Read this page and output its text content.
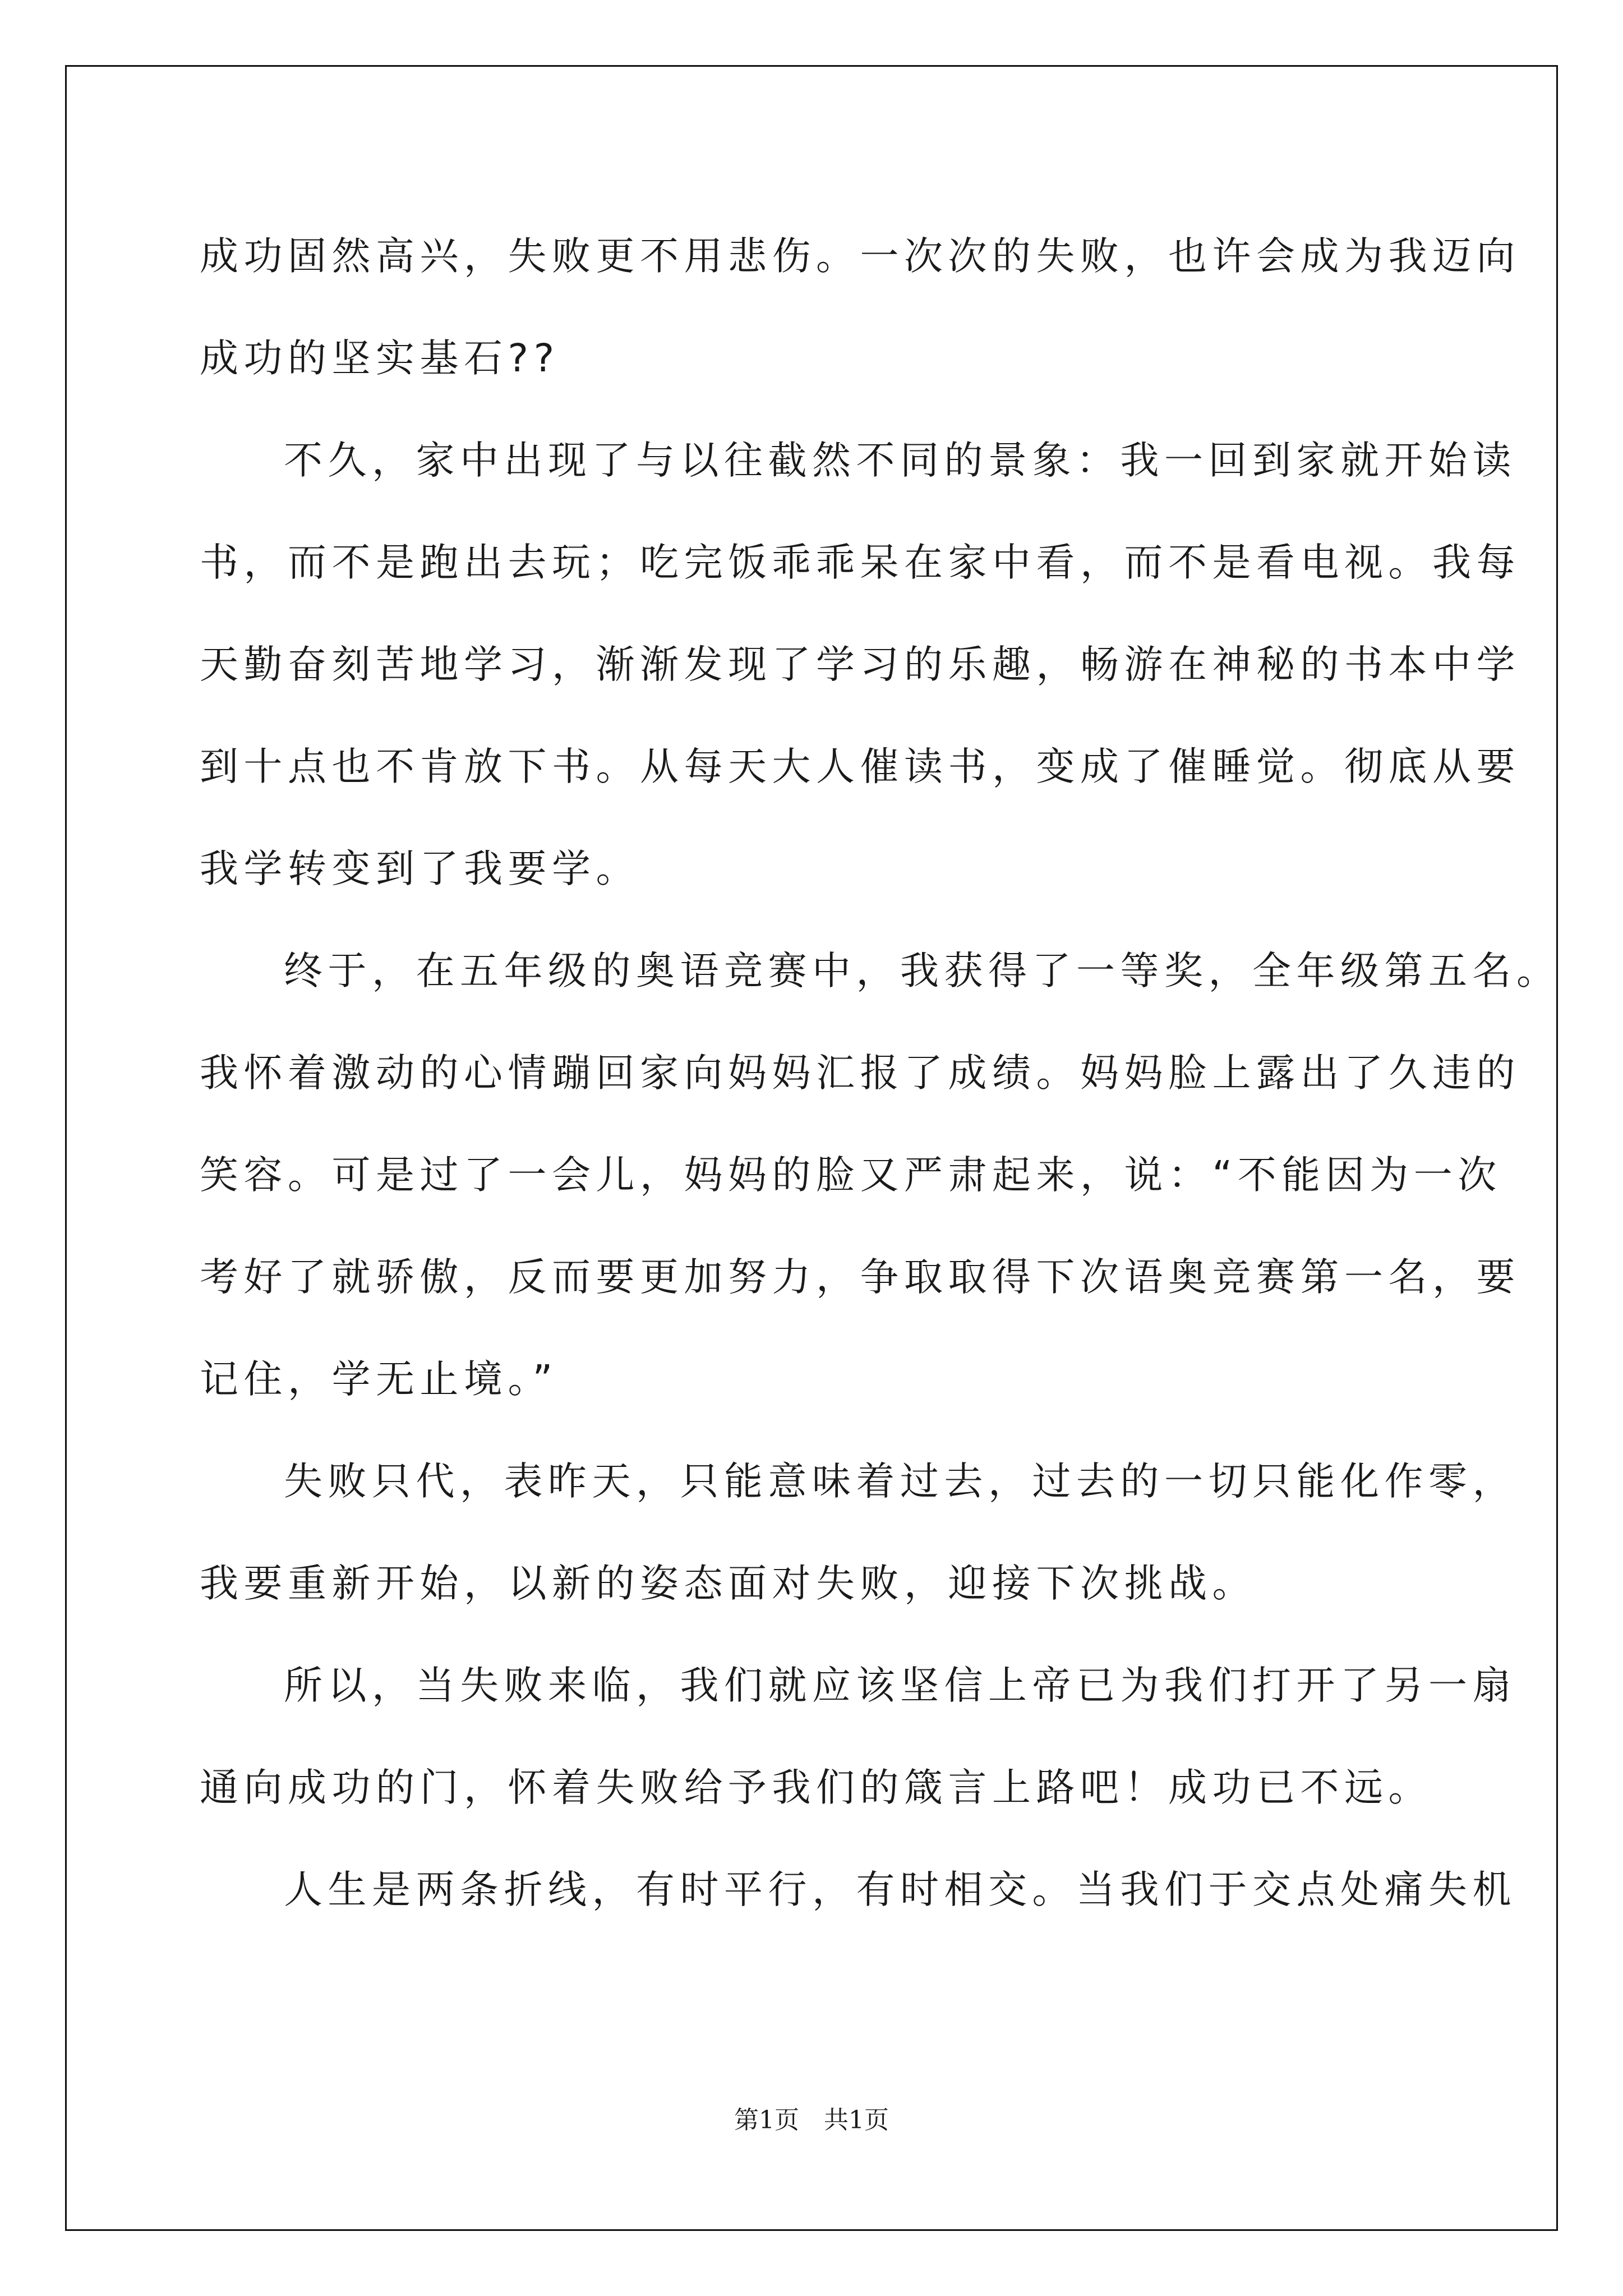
成功固然高兴，失败更不用悲伤。一次次的失败，也许会成为我迈向
成功的坚实基石??
不久，家中出现了与以往截然不同的景象：我一回到家就开始读
书，而不是跑出去玩；吃完饭乖乖呆在家中看，而不是看电视。我每
天勤奋刻苦地学习，渐渐发现了学习的乐趣，畅游在神秘的书本中学
到十点也不肯放下书。从每天大人催读书，变成了催睡觉。彻底从要
我学转变到了我要学。
终于，在五年级的奥语竞赛中，我获得了一等奖，全年级第五名。
我怀着激动的心情蹦回家向妈妈汇报了成绩。妈妈脸上露出了久违的
笑容。可是过了一会儿，妈妈的脸又严肃起来，说：“不能因为一次
考好了就骄傲，反而要更加努力，争取取得下次语奥竞赛第一名，要
记住，学无止境。”
失败只代，表昨天，只能意味着过去，过去的一切只能化作零，
我要重新开始，以新的姿态面对失败，迎接下次挑战。
所以，当失败来临，我们就应该坚信上帝已为我们打开了另一扇
通向成功的门，怀着失败给予我们的箴言上路吧！成功已不远。
人生是两条折线，有时平行，有时相交。当我们于交点处痛失机
第1页 共1页
